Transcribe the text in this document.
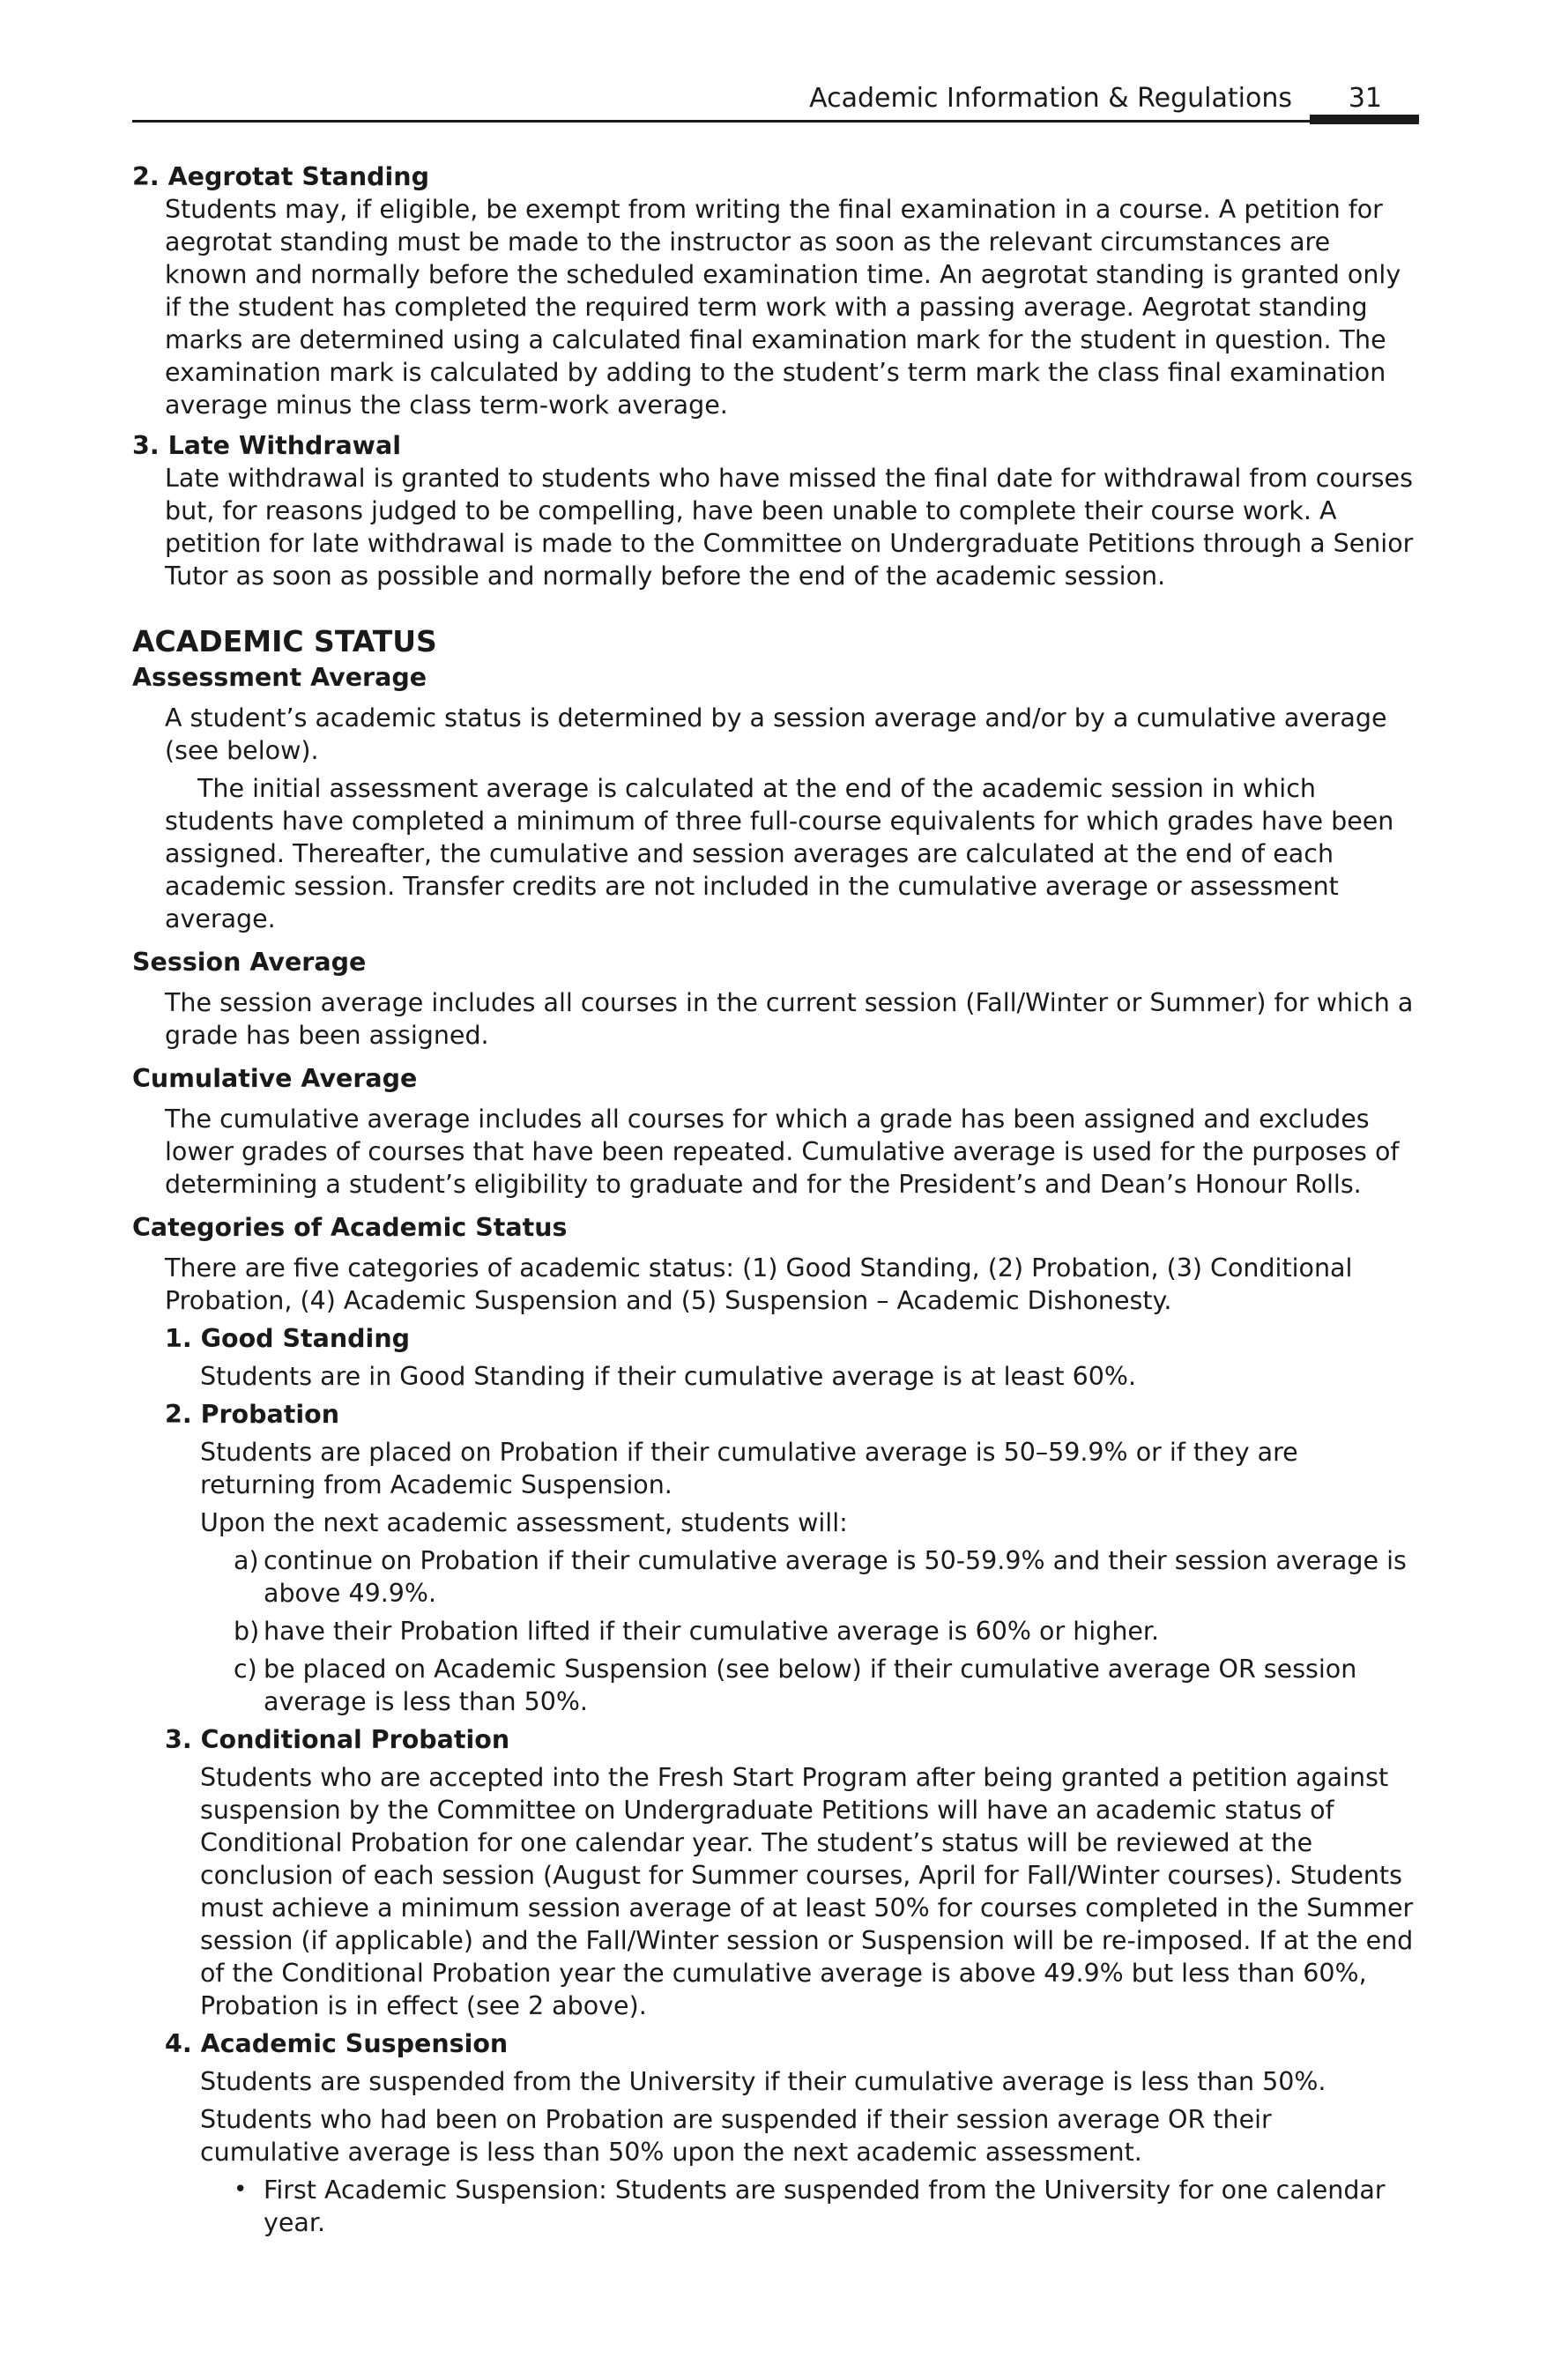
Academic Information & Regulations 31

2. Aegrotat Standing

Students may, if eligible, be exempt from writing the final examination in a course. A petition for aegrotat standing must be made to the instructor as soon as the relevant circumstances are known and normally before the scheduled examination time. An aegrotat standing is granted only if the student has completed the required term work with a passing average. Aegrotat standing marks are determined using a calculated final examination mark for the student in question. The examination mark is calculated by adding to the student’s term mark the class final examination average minus the class term-work average.

3. Late Withdrawal

Late withdrawal is granted to students who have missed the final date for withdrawal from courses but, for reasons judged to be compelling, have been unable to complete their course work. A petition for late withdrawal is made to the Committee on Undergraduate Petitions through a Senior Tutor as soon as possible and normally before the end of the academic session.

ACADEMIC STATUS

Assessment Average

A student’s academic status is determined by a session average and/or by a cumulative average (see below).

The initial assessment average is calculated at the end of the academic session in which students have completed a minimum of three full-course equivalents for which grades have been assigned. Thereafter, the cumulative and session averages are calculated at the end of each academic session. Transfer credits are not included in the cumulative average or assessment average.

Session Average

The session average includes all courses in the current session (Fall/Winter or Summer) for which a grade has been assigned.

Cumulative Average

The cumulative average includes all courses for which a grade has been assigned and excludes lower grades of courses that have been repeated. Cumulative average is used for the purposes of determining a student’s eligibility to graduate and for the President’s and Dean’s Honour Rolls.

Categories of Academic Status

There are five categories of academic status: (1) Good Standing, (2) Probation, (3) Conditional Probation, (4) Academic Suspension and (5) Suspension – Academic Dishonesty.

1. Good Standing

Students are in Good Standing if their cumulative average is at least 60%.

2. Probation

Students are placed on Probation if their cumulative average is 50–59.9% or if they are returning from Academic Suspension.

Upon the next academic assessment, students will:

a) continue on Probation if their cumulative average is 50-59.9% and their session average is above 49.9%.
b) have their Probation lifted if their cumulative average is 60% or higher.
c) be placed on Academic Suspension (see below) if their cumulative average OR session average is less than 50%.

3. Conditional Probation

Students who are accepted into the Fresh Start Program after being granted a petition against suspension by the Committee on Undergraduate Petitions will have an academic status of Conditional Probation for one calendar year. The student’s status will be reviewed at the conclusion of each session (August for Summer courses, April for Fall/Winter courses). Students must achieve a minimum session average of at least 50% for courses completed in the Summer session (if applicable) and the Fall/Winter session or Suspension will be re-imposed. If at the end of the Conditional Probation year the cumulative average is above 49.9% but less than 60%, Probation is in effect (see 2 above).

4. Academic Suspension

Students are suspended from the University if their cumulative average is less than 50%.

Students who had been on Probation are suspended if their session average OR their cumulative average is less than 50% upon the next academic assessment.

• First Academic Suspension: Students are suspended from the University for one calendar year.
